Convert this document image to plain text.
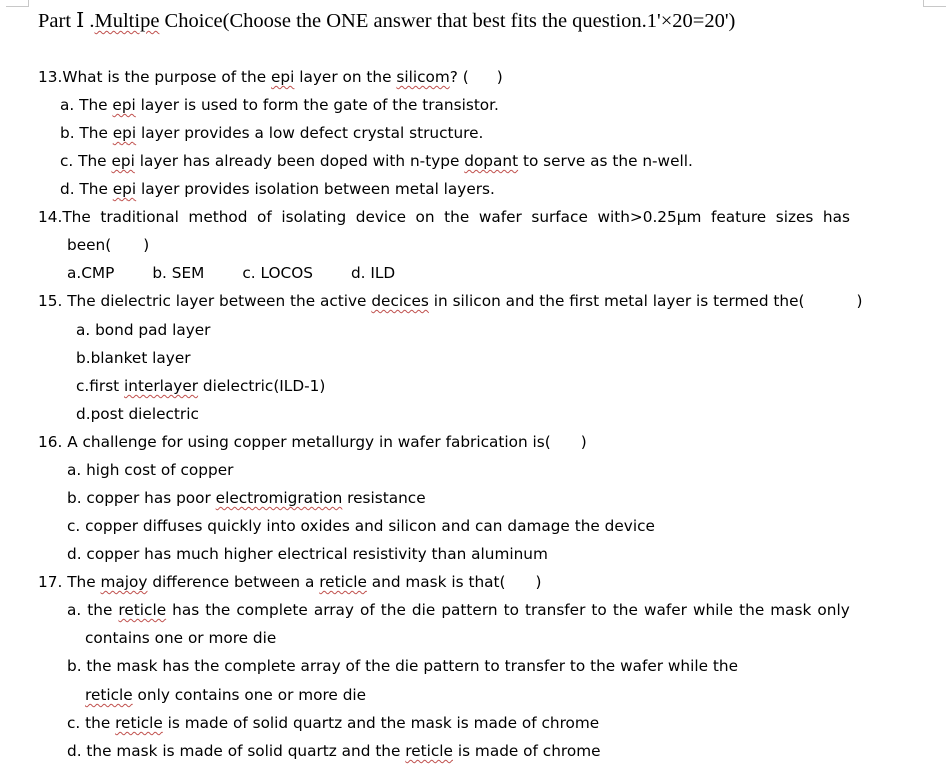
Part Ⅰ .Multipe Choice(Choose the ONE answer that best fits the question.1'×20=20')
13.What is the purpose of the epi layer on the silicom? ( )
a. The epi layer is used to form the gate of the transistor.
b. The epi layer provides a low defect crystal structure.
c. The epi layer has already been doped with n-type dopant to serve as the n-well.
d. The epi layer provides isolation between metal layers.
14.The traditional method of isolating device on the wafer surface with>0.25μm feature sizes has
been( )
a.CMP b. SEM c. LOCOS d. ILD
15. The dielectric layer between the active decices in silicon and the first metal layer is termed the(	)
a. bond pad layer
b.blanket layer
c.first interlayer dielectric(ILD-1)
d.post dielectric
16. A challenge for using copper metallurgy in wafer fabrication is( )
a. high cost of copper
b. copper has poor electromigration resistance
c. copper diffuses quickly into oxides and silicon and can damage the device
d. copper has much higher electrical resistivity than aluminum
17. The majoy difference between a reticle and mask is that( )
a. the reticle has the complete array of the die pattern to transfer to the wafer while the mask only
contains one or more die
b. the mask has the complete array of the die pattern to transfer to the wafer while the
reticle only contains one or more die
c. the reticle is made of solid quartz and the mask is made of chrome
d. the mask is made of solid quartz and the reticle is made of chrome
